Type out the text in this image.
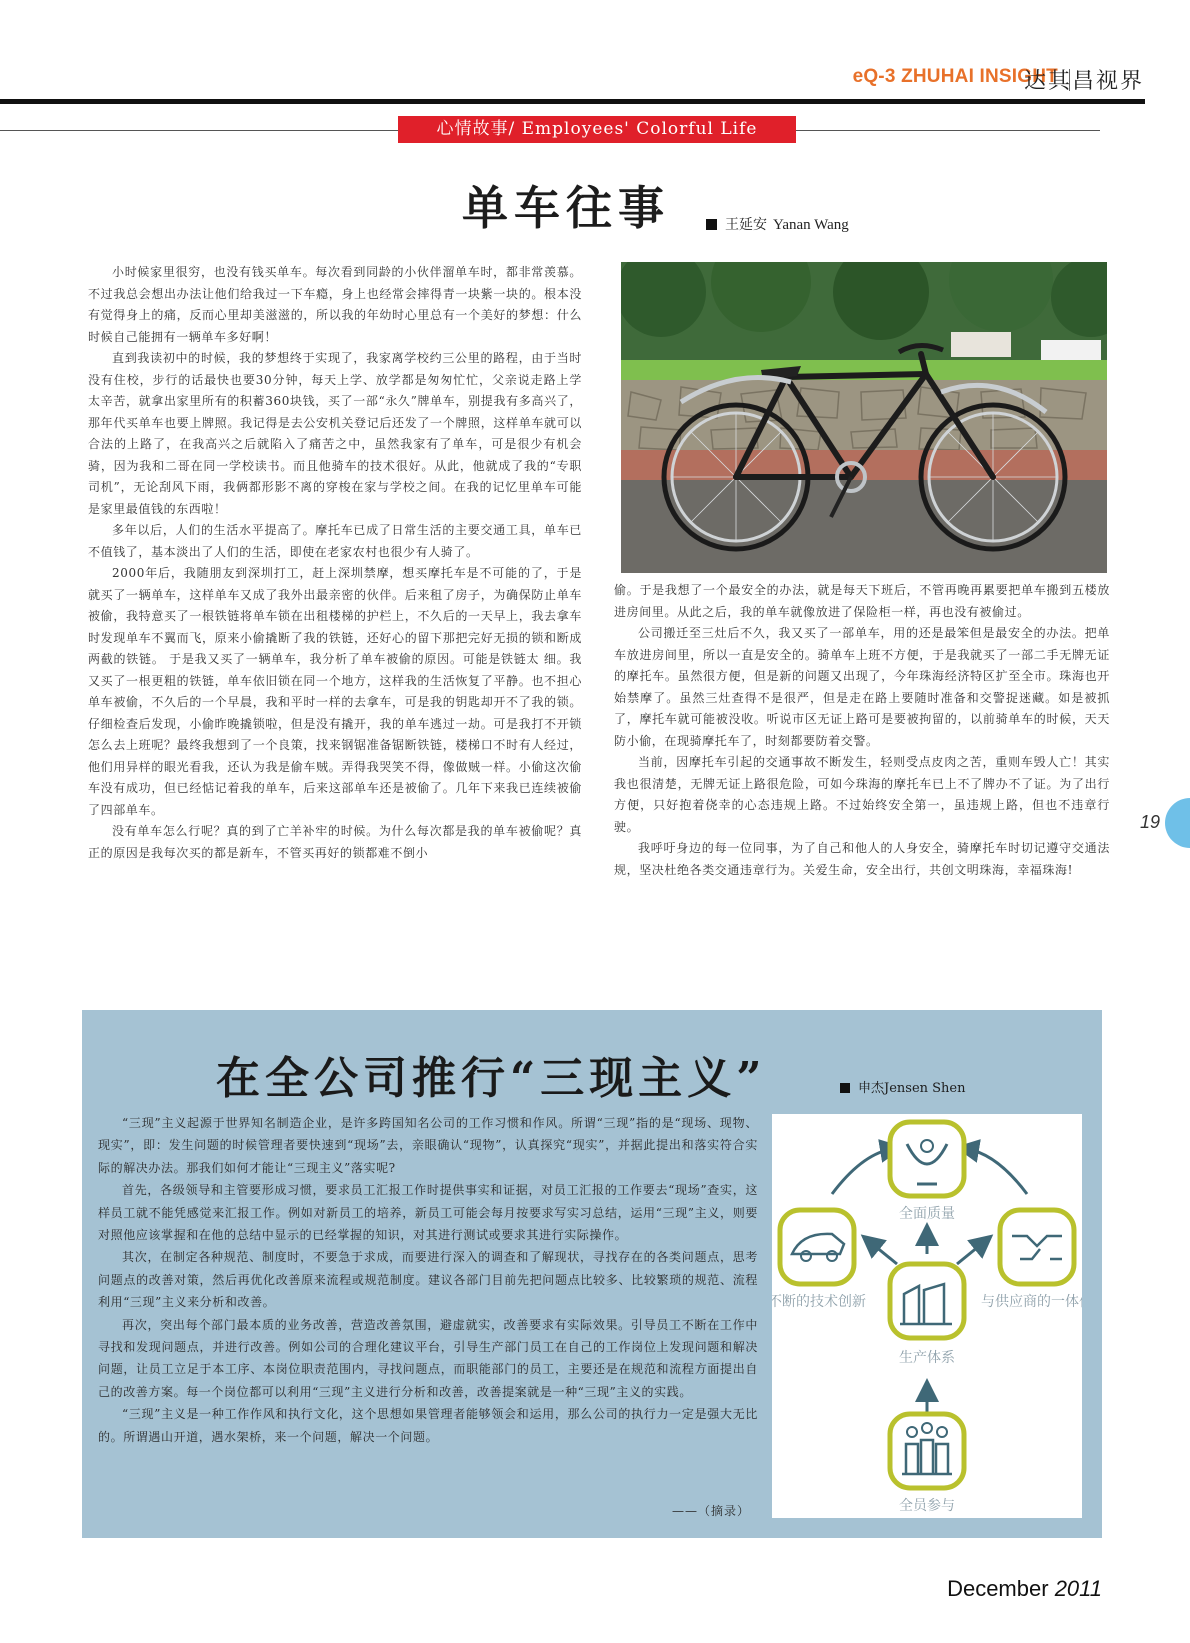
eQ-3 ZHUHAI INSIGHT
达其昌视界
心情故事/ Employees' Colorful Life
单车往事	王延安 Yanan Wang

小时候家里很穷，也没有钱买单车。每次看到同龄的小伙伴溜单车时，都非常羡慕。不过我总会想出办法让他们给我过一下车瘾，身上也经常会摔得青一块紫一块的。根本没有觉得身上的痛，反而心里却美滋滋的，所以我的年幼时心里总有一个美好的梦想：什么时候自己能拥有一辆单车多好啊！

直到我读初中的时候，我的梦想终于实现了，我家离学校约三公里的路程，由于当时没有住校，步行的话最快也要30分钟，每天上学、放学都是匆匆忙忙，父亲说走路上学太辛苦，就拿出家里所有的积蓄360块钱，买了一部“永久”牌单车，别提我有多高兴了，那年代买单车也要上牌照。我记得是去公安机关登记后还发了一个牌照，这样单车就可以合法的上路了，在我高兴之后就陷入了痛苦之中，虽然我家有了单车，可是很少有机会骑，因为我和二哥在同一学校读书。而且他骑车的技术很好。从此，他就成了我的“专职司机”，无论刮风下雨，我俩都形影不离的穿梭在家与学校之间。在我的记忆里单车可能是家里最值钱的东西啦！

多年以后，人们的生活水平提高了。摩托车已成了日常生活的主要交通工具，单车已不值钱了，基本淡出了人们的生活，即使在老家农村也很少有人骑了。

2000年后，我随朋友到深圳打工，赶上深圳禁摩，想买摩托车是不可能的了，于是就买了一辆单车，这样单车又成了我外出最亲密的伙伴。后来租了房子，为确保防止单车被偷，我特意买了一根铁链将单车锁在出租楼梯的护栏上，不久后的一天早上，我去拿车时发现单车不翼而飞，原来小偷撬断了我的铁链，还好心的留下那把完好无损的锁和断成两截的铁链。 于是我又买了一辆单车，我分析了单车被偷的原因。可能是铁链太 细。我又买了一根更粗的铁链，单车依旧锁在同一个地方，这样我的生活恢复了平静。也不担心单车被偷，不久后的一个早晨，我和平时一样的去拿车，可是我的钥匙却开不了我的锁。仔细检查后发现，小偷昨晚撬锁啦，但是没有撬开，我的单车逃过一劫。可是我打不开锁怎么去上班呢？最终我想到了一个良策，找来钢锯准备锯断铁链，楼梯口不时有人经过，他们用异样的眼光看我，还认为我是偷车贼。弄得我哭笑不得，像做贼一样。小偷这次偷车没有成功，但已经惦记着我的单车，后来这部单车还是被偷了。几年下来我已连续被偷了四部单车。

没有单车怎么行呢？真的到了亡羊补牢的时候。为什么每次都是我的单车被偷呢？真正的原因是我每次买的都是新车，不管买再好的锁都难不倒小

偷。于是我想了一个最安全的办法，就是每天下班后，不管再晚再累要把单车搬到五楼放进房间里。从此之后，我的单车就像放进了保险柜一样，再也没有被偷过。

公司搬迁至三灶后不久，我又买了一部单车，用的还是最笨但是最安全的办法。把单车放进房间里，所以一直是安全的。骑单车上班不方便，于是我就买了一部二手无牌无证的摩托车。虽然很方便，但是新的问题又出现了，今年珠海经济特区扩至全市。珠海也开始禁摩了。虽然三灶查得不是很严，但是走在路上要随时准备和交警捉迷藏。如是被抓了，摩托车就可能被没收。听说市区无证上路可是要被拘留的，以前骑单车的时候，天天防小偷，在现骑摩托车了，时刻都要防着交警。

当前，因摩托车引起的交通事故不断发生，轻则受点皮肉之苦，重则车毁人亡！其实我也很清楚，无牌无证上路很危险，可如今珠海的摩托车已上不了牌办不了证。为了出行方便，只好抱着侥幸的心态违规上路。不过始终安全第一，虽违规上路，但也不违章行驶。

我呼吁身边的每一位同事，为了自己和他人的人身安全，骑摩托车时切记遵守交通法规，坚决杜绝各类交通违章行为。关爱生命，安全出行，共创文明珠海，幸福珠海!

19
在全公司推行“三现主义”	申杰Jensen Shen

“三现”主义起源于世界知名制造企业，是许多跨国知名公司的工作习惯和作风。所谓“三现”指的是“现场、现物、现实”，即：发生问题的时候管理者要快速到“现场”去，亲眼确认“现物”，认真探究“现实”，并据此提出和落实符合实际的解决办法。那我们如何才能让“三现主义”落实呢?

首先，各级领导和主管要形成习惯，要求员工汇报工作时提供事实和证据，对员工汇报的工作要去“现场”查实，这样员工就不能凭感觉来汇报工作。例如对新员工的培养，新员工可能会每月按要求写实习总结，运用“三现”主义，则要对照他应该掌握和在他的总结中显示的已经掌握的知识，对其进行测试或要求其进行实际操作。

其次，在制定各种规范、制度时，不要急于求成，而要进行深入的调查和了解现状，寻找存在的各类问题点，思考问题点的改善对策，然后再优化改善原来流程或规范制度。建议各部门目前先把问题点比较多、比较繁琐的规范、流程利用“三现”主义来分析和改善。

再次，突出每个部门最本质的业务改善，营造改善氛围，避虚就实，改善要求有实际效果。引导员工不断在工作中寻找和发现问题点，并进行改善。例如公司的合理化建议平台，引导生产部门员工在自己的工作岗位上发现问题和解决问题，让员工立足于本工序、本岗位职责范围内，寻找问题点，而职能部门的员工，主要还是在规范和流程方面提出自己的改善方案。每一个岗位都可以利用“三现”主义进行分析和改善，改善提案就是一种“三现”主义的实践。

“三现”主义是一种工作作风和执行文化，这个思想如果管理者能够领会和运用，那么公司的执行力一定是强大无比的。所谓遇山开道，遇水架桥，来一个问题，解决一个问题。

——（摘录）
全面质量
不断的技术创新	与供应商的一体化
生产体系
全员参与
December 2011
